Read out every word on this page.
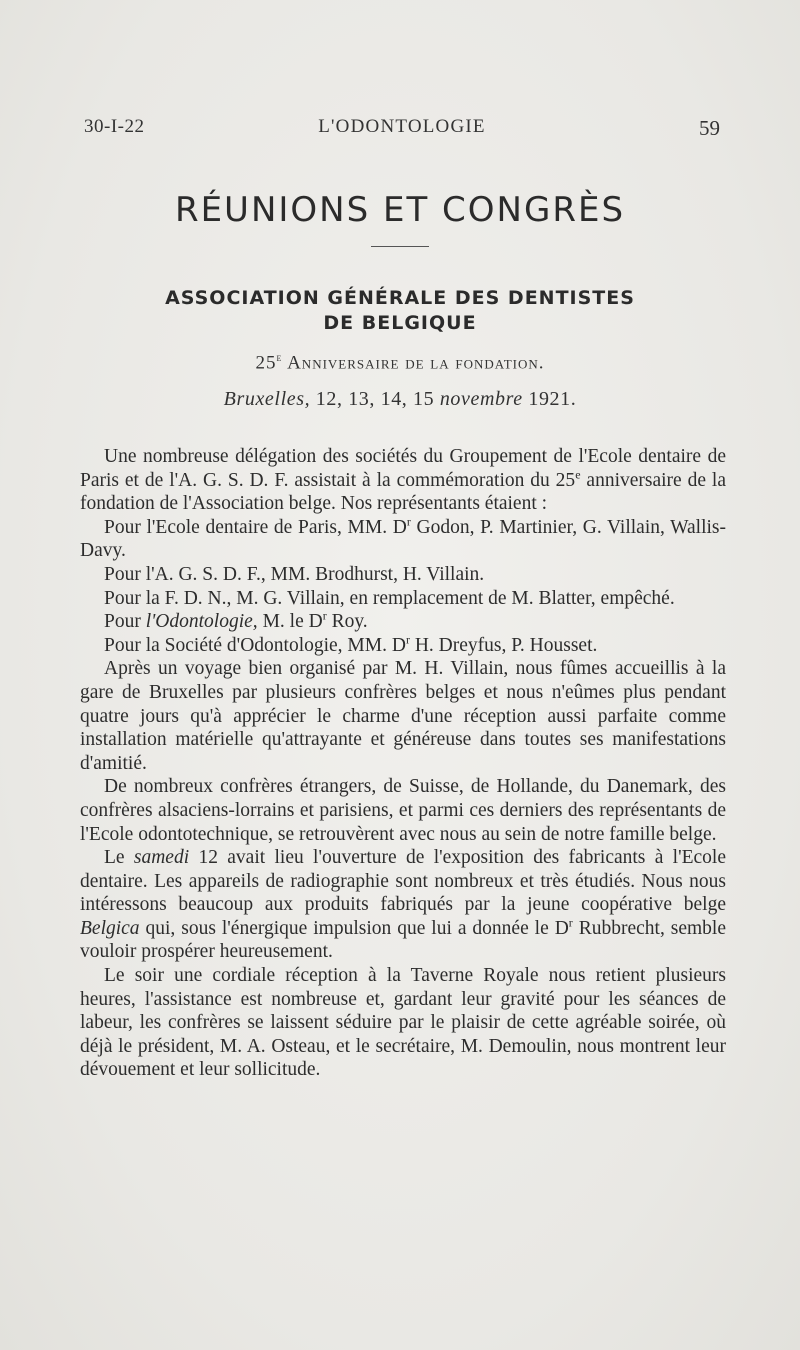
30-I-22	L'ODONTOLOGIE	59
RÉUNIONS ET CONGRÈS
ASSOCIATION GÉNÉRALE DES DENTISTES
DE BELGIQUE
25e Anniversaire de la fondation.
Bruxelles, 12, 13, 14, 15 novembre 1921.

Une nombreuse délégation des sociétés du Groupement de l'Ecole dentaire de Paris et de l'A. G. S. D. F. assistait à la commémoration du 25e anniversaire de la fondation de l'Association belge. Nos représentants étaient :

Pour l'Ecole dentaire de Paris, MM. $D^r$ Godon, P. Martinier, G. Villain, Wallis-Davy.

Pour l'A. G. S. D. F., MM. Brodhurst, H. Villain.

Pour la F. D. N., M. G. Villain, en remplacement de M. Blatter, empêché.

Pour l'Odontologie, M. le $D^r$ Roy.

Pour la Société d'Odontologie, MM. $D^r$ H. Dreyfus, P. Housset.

Après un voyage bien organisé par M. H. Villain, nous fûmes accueillis à la gare de Bruxelles par plusieurs confrères belges et nous n'eûmes plus pendant quatre jours qu'à apprécier le charme d'une réception aussi parfaite comme installation matérielle qu'attrayante et généreuse dans toutes ses manifestations d'amitié.

De nombreux confrères étrangers, de Suisse, de Hollande, du Danemark, des confrères alsaciens-lorrains et parisiens, et parmi ces derniers des représentants de l'Ecole odontotechnique, se retrouvèrent avec nous au sein de notre famille belge.

Le samedi 12 avait lieu l'ouverture de l'exposition des fabricants à l'Ecole dentaire. Les appareils de radiographie sont nombreux et très étudiés. Nous nous intéressons beaucoup aux produits fabriqués par la jeune coopérative belge Belgica qui, sous l'énergique impulsion que lui a donnée le $D^r$ Rubbrecht, semble vouloir prospérer heureusement.

Le soir une cordiale réception à la Taverne Royale nous retient plusieurs heures, l'assistance est nombreuse et, gardant leur gravité pour les séances de labeur, les confrères se laissent séduire par le plaisir de cette agréable soirée, où déjà le président, M. A. Osteau, et le secrétaire, M. Demoulin, nous montrent leur dévouement et leur sollicitude.
